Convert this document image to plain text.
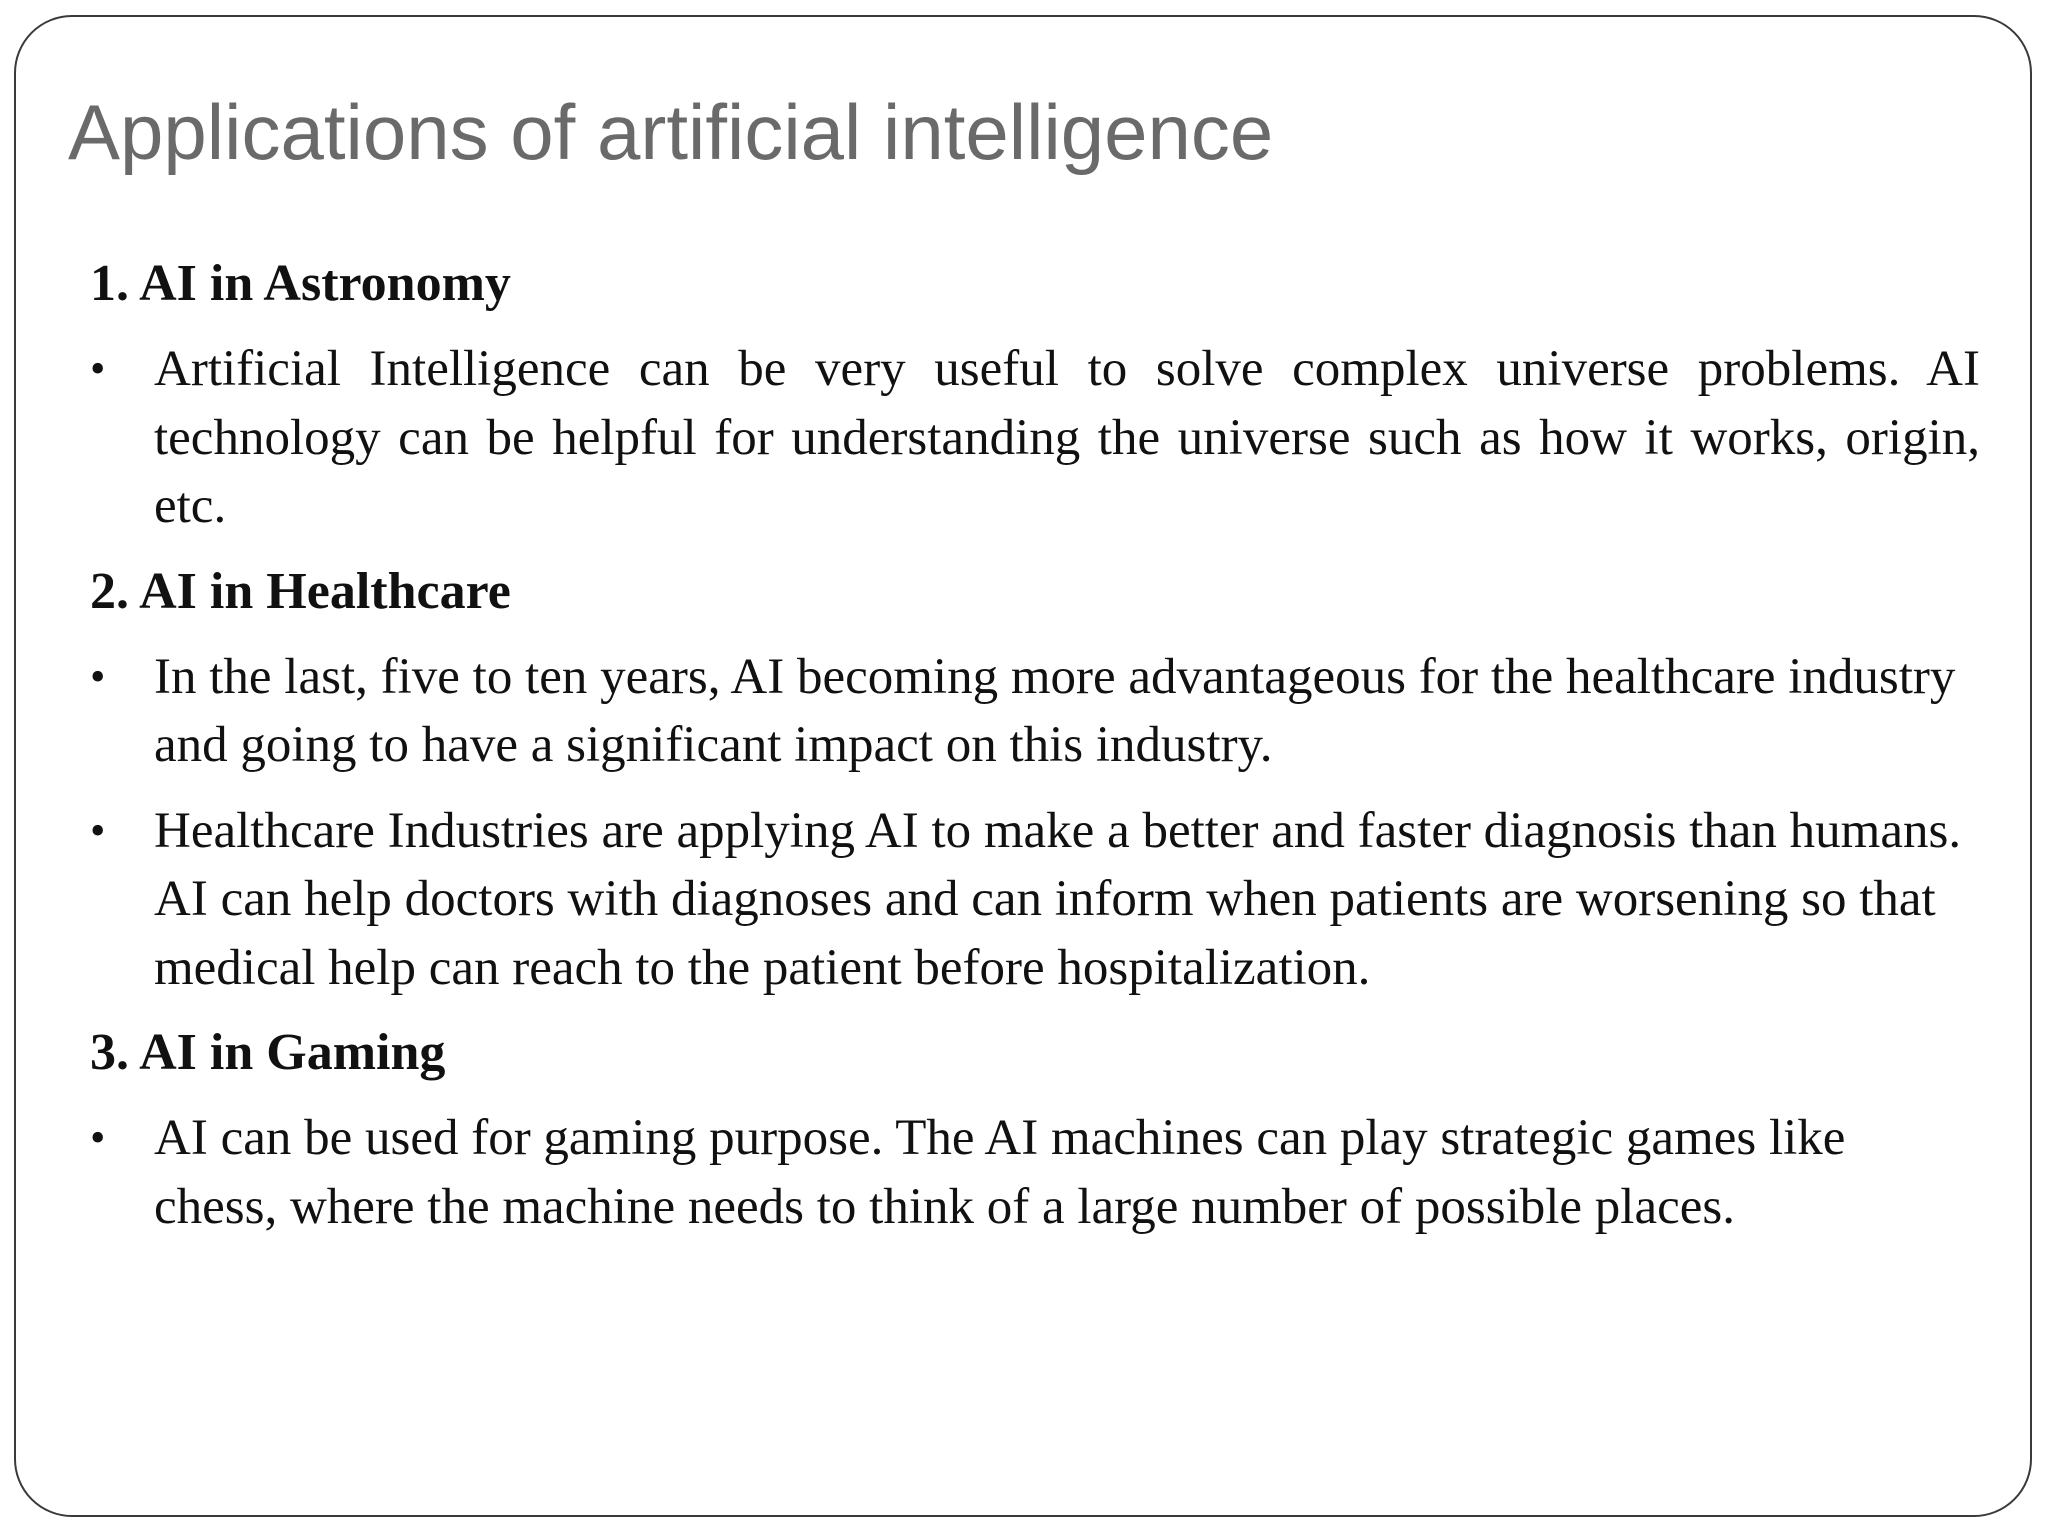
Applications of artificial intelligence

1. AI in Astronomy

• Artificial Intelligence can be very useful to solve complex universe problems. AI technology can be helpful for understanding the universe such as how it works, origin, etc.

2. AI in Healthcare

• In the last, five to ten years, AI becoming more advantageous for the healthcare industry and going to have a significant impact on this industry.
• Healthcare Industries are applying AI to make a better and faster diagnosis than humans. AI can help doctors with diagnoses and can inform when patients are worsening so that medical help can reach to the patient before hospitalization.

3. AI in Gaming

• AI can be used for gaming purpose. The AI machines can play strategic games like chess, where the machine needs to think of a large number of possible places.
